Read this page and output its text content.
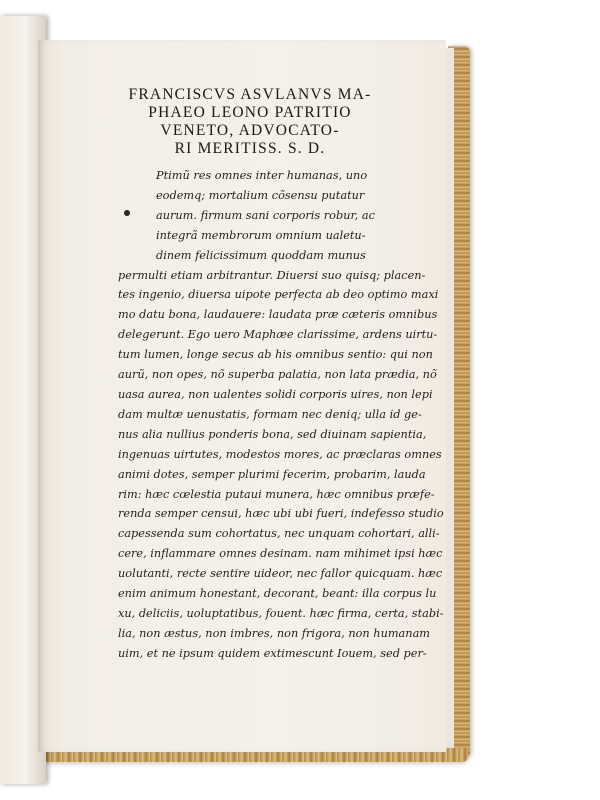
FRANCISCVS ASVLANVS MA-
PHAEO LEONO PATRITIO
VENETO, ADVOCATO-
RI MERITISS. S. D.
Ptimũ res omnes inter humanas, uno
eodemq; mortalium cõsensu putatur
aurum. firmum sani corporis robur, ac
integrã membrorum omnium ualetu-
dinem felicissimum quoddam munus
permulti etiam arbitrantur. Diuersi suo quisq; placen-
tes ingenio, diuersa uipote perfecta ab deo optimo maxi
mo datu bona, laudauere: laudata præ cæteris omnibus
delegerunt. Ego uero Maphæe clarissime, ardens uirtu-
tum lumen, longe secus ab his omnibus sentio: qui non
aurũ, non opes, nõ superba palatia, non lata prædia, nõ
uasa aurea, non ualentes solidi corporis uires, non lepi
dam multæ uenustatis, formam nec deniq; ulla id ge-
nus alia nullius ponderis bona, sed diuinam sapientia,
ingenuas uirtutes, modestos mores, ac præclaras omnes
animi dotes, semper plurimi fecerim, probarim, lauda
rim: hæc cœlestia putaui munera, hæc omnibus præfe-
renda semper censui, hæc ubi ubi fueri, indefesso studio
capessenda sum cohortatus, nec unquam cohortari, alli-
cere, inflammare omnes desinam. nam mihimet ipsi hæc
uolutanti, recte sentire uideor, nec fallor quicquam. hæc
enim animum honestant, decorant, beant: illa corpus lu
xu, deliciis, uoluptatibus, fouent. hæc firma, certa, stabi-
lia, non æstus, non imbres, non frigora, non humanam
uim, et ne ipsum quidem extimescunt Iouem, sed per-
